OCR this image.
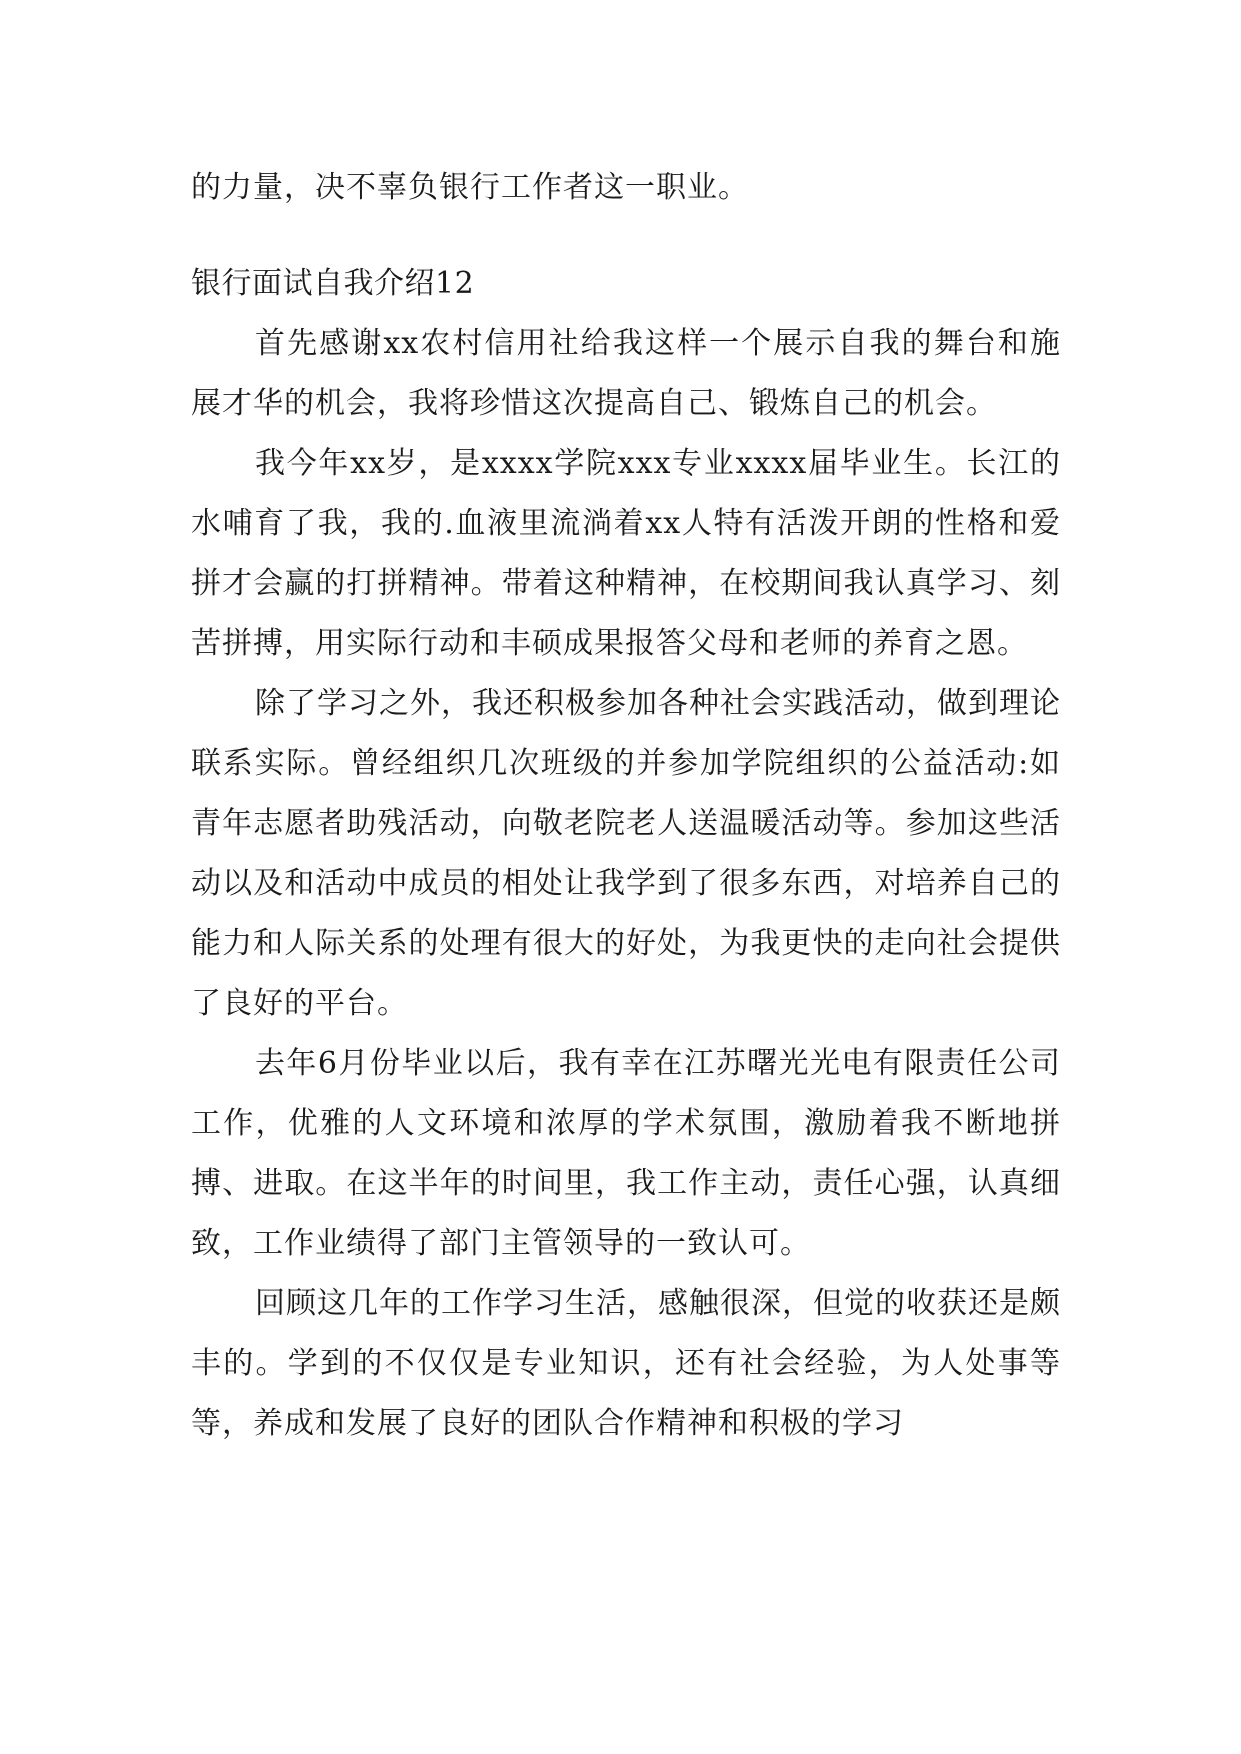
的力量，决不辜负银行工作者这一职业。

银行面试自我介绍12

首先感谢xx农村信用社给我这样一个展示自我的舞台和施展才华的机会，我将珍惜这次提高自己、锻炼自己的机会。

我今年xx岁，是xxxx学院xxx专业xxxx届毕业生。长江的水哺育了我，我的.血液里流淌着xx人特有活泼开朗的性格和爱拼才会赢的打拼精神。带着这种精神，在校期间我认真学习、刻苦拼搏，用实际行动和丰硕成果报答父母和老师的养育之恩。

除了学习之外，我还积极参加各种社会实践活动，做到理论联系实际。曾经组织几次班级的并参加学院组织的公益活动:如青年志愿者助残活动，向敬老院老人送温暖活动等。参加这些活动以及和活动中成员的相处让我学到了很多东西，对培养自己的能力和人际关系的处理有很大的好处，为我更快的走向社会提供了良好的平台。

去年6月份毕业以后，我有幸在江苏曙光光电有限责任公司工作，优雅的人文环境和浓厚的学术氛围，激励着我不断地拼搏、进取。在这半年的时间里，我工作主动，责任心强，认真细致，工作业绩得了部门主管领导的一致认可。

回顾这几年的工作学习生活，感触很深，但觉的收获还是颇丰的。学到的不仅仅是专业知识，还有社会经验，为人处事等等，养成和发展了良好的团队合作精神和积极的学习
